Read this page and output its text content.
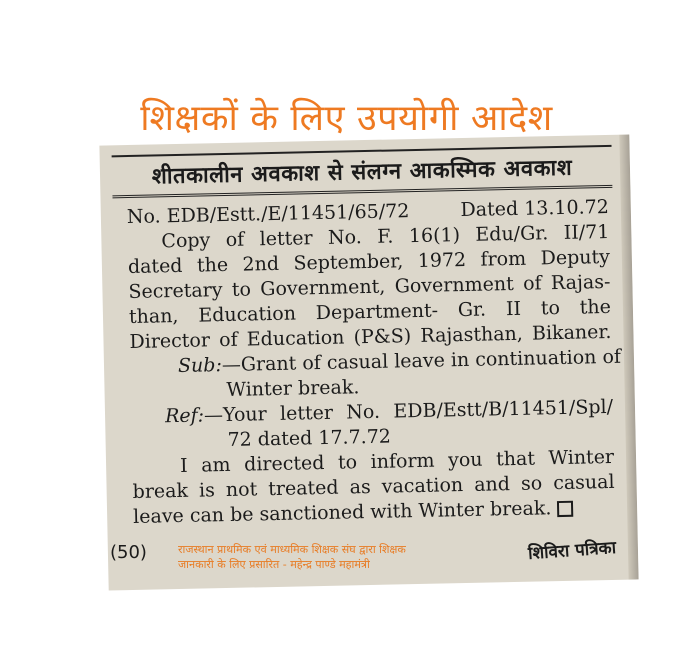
शिक्षकों के लिए उपयोगी आदेश
शीतकालीन अवकाश से संलग्न आकस्मिक अवकाश
No. EDB/Estt./E/11451/65/72	Dated 13.10.72
Copy of letter No. F. 16(1) Edu/Gr. II/71
dated the 2nd September, 1972 from Deputy
Secretary to Government, Government of Rajas-
than, Education Department- Gr. II to the
Director of Education (P&S) Rajasthan, Bikaner.
Sub:—Grant of casual leave in continuation of
Winter break.
Ref:—Your letter No. EDB/Estt/B/11451/Spl/
72 dated 17.7.72
I am directed to inform you that Winter
break is not treated as vacation and so casual
leave can be sanctioned with Winter break.
(50)	राजस्थान प्राथमिक एवं माध्यमिक शिक्षक संघ द्वारा शिक्षक
जानकारी के लिए प्रसारित - महेन्द्र पाण्डे महामंत्री
शिविरा पत्रिका
